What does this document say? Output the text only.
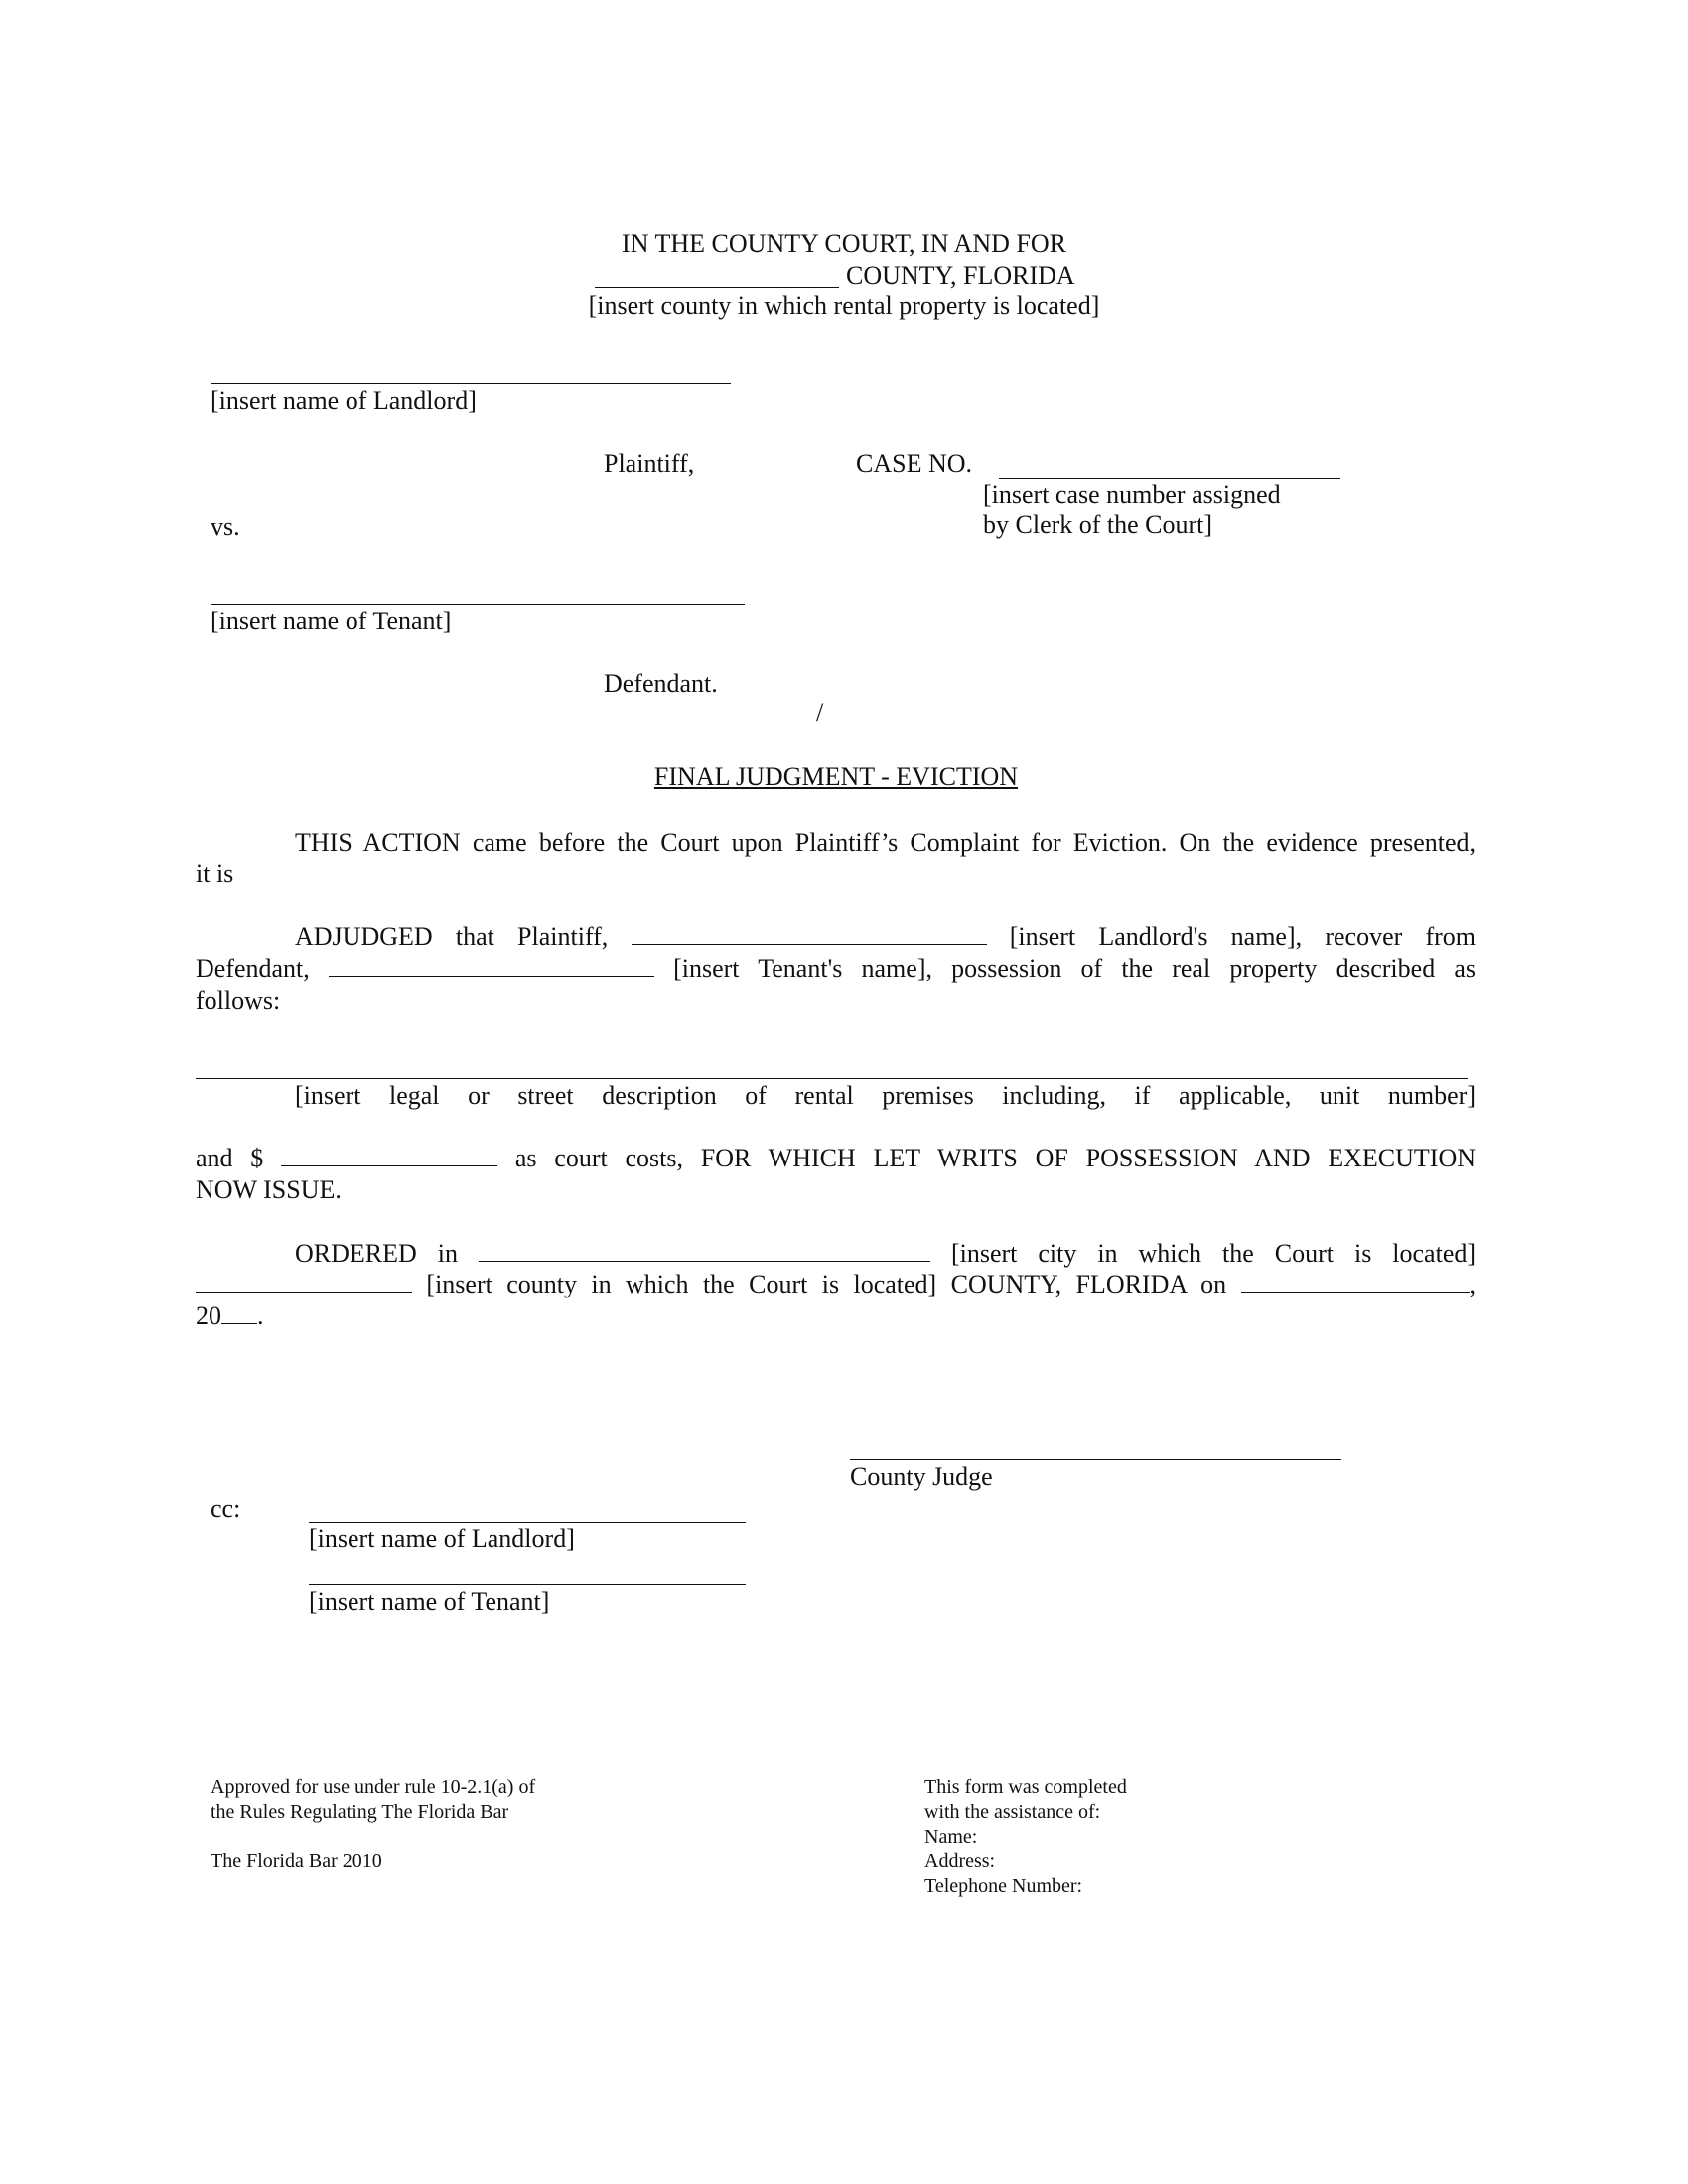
IN THE COUNTY COURT, IN AND FOR
COUNTY, FLORIDA
[insert county in which rental property is located]
[insert name of Landlord]
Plaintiff,	CASE NO.
[insert case number assigned
by Clerk of the Court]
vs.
[insert name of Tenant]
Defendant.
/
FINAL JUDGMENT - EVICTION
THIS ACTION came before the Court upon Plaintiff’s Complaint for Eviction. On the evidence presented,
it is
ADJUDGED that Plaintiff,	[insert Landlord's name], recover from
Defendant,	[insert Tenant's name], possession of the real property described as
follows:
[insert legal or street description of rental premises including, if applicable, unit number]
and $	as court costs, FOR WHICH LET WRITS OF POSSESSION AND EXECUTION
NOW ISSUE.
ORDERED in	[insert city in which the Court is located]
[insert county in which the Court is located] COUNTY, FLORIDA on	,
20 .
County Judge
cc:
[insert name of Landlord]
[insert name of Tenant]
Approved for use under rule 10-2.1(a) of
the Rules Regulating The Florida Bar
The Florida Bar 2010
This form was completed
with the assistance of:
Name:
Address:
Telephone Number:
